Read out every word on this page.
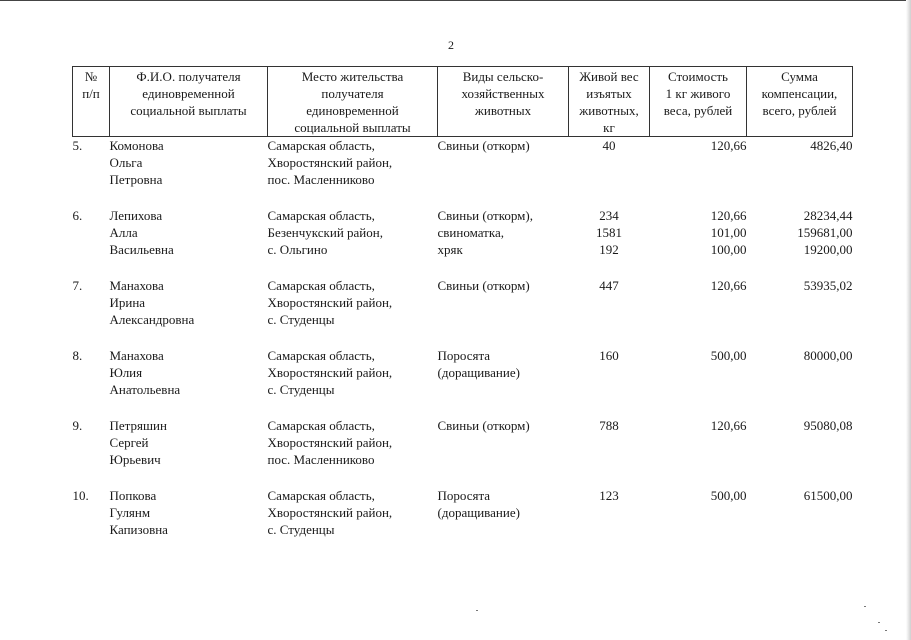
2
№
п/п	Ф.И.О. получателя
единовременной
социальной выплаты	Место жительства
получателя
единовременной
социальной выплаты	Виды сельско-
хозяйственных
животных	Живой вес
изъятых
животных,
кг	Стоимость
1 кг живого
веса, рублей	Сумма
компенсации,
всего, рублей

5.	Комонова
Ольга
Петровна	Самарская область,
Хворостянский район,
пос. Масленниково	Свиньи (откорм)	40	120,66	4826,40

6.	Лепихова
Алла
Васильевна	Самарская область,
Безенчукский район,
с. Ольгино	Свиньи (откорм),
свиноматка,
хряк	234
1581
192	120,66
101,00
100,00	28234,44
159681,00
19200,00

7.	Манахова
Ирина
Александровна	Самарская область,
Хворостянский район,
с. Студенцы	Свиньи (откорм)	447	120,66	53935,02

8.	Манахова
Юлия
Анатольевна	Самарская область,
Хворостянский район,
с. Студенцы	Поросята
(доращивание)	160	500,00	80000,00

9.	Петряшин
Сергей
Юрьевич	Самарская область,
Хворостянский район,
пос. Масленниково	Свиньи (откорм)	788	120,66	95080,08

10.	Попкова
Гулянм
Капизовна	Самарская область,
Хворостянский район,
с. Студенцы	Поросята
(доращивание)	123	500,00	61500,00
